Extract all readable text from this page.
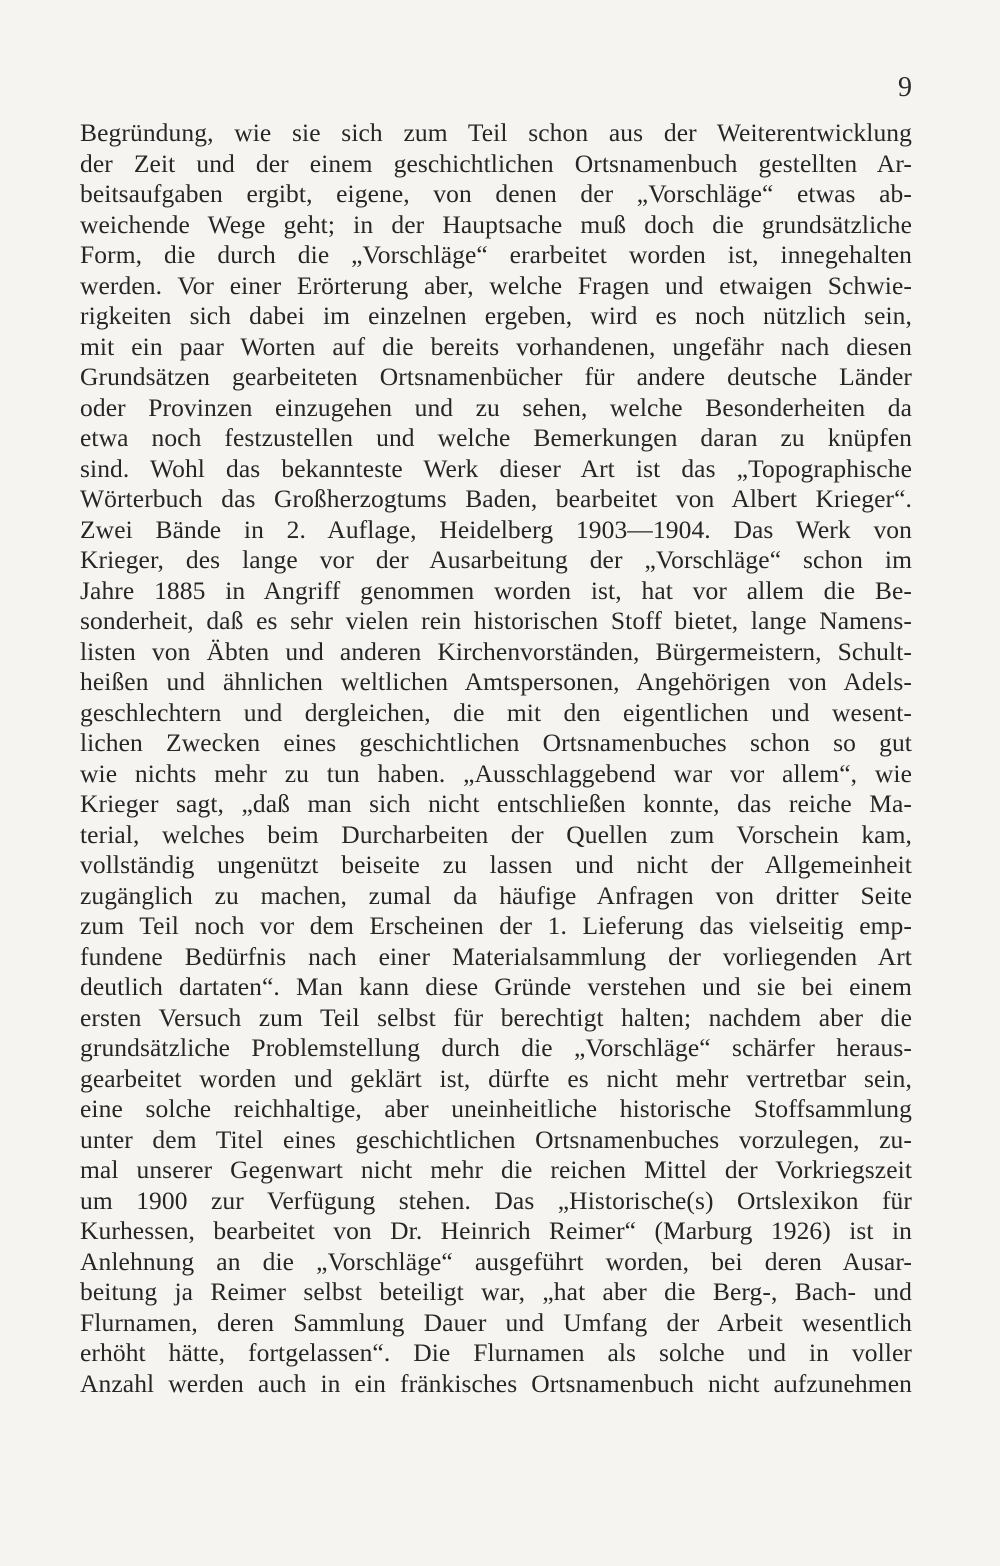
9
Begründung, wie sie sich zum Teil schon aus der Weiterentwicklung
der Zeit und der einem geschichtlichen Ortsnamenbuch gestellten Ar-
beitsaufgaben ergibt, eigene, von denen der „Vorschläge“ etwas ab-
weichende Wege geht; in der Hauptsache muß doch die grundsätzliche
Form, die durch die „Vorschläge“ erarbeitet worden ist, innegehalten
werden. Vor einer Erörterung aber, welche Fragen und etwaigen Schwie-
rigkeiten sich dabei im einzelnen ergeben, wird es noch nützlich sein,
mit ein paar Worten auf die bereits vorhandenen, ungefähr nach diesen
Grundsätzen gearbeiteten Ortsnamenbücher für andere deutsche Länder
oder Provinzen einzugehen und zu sehen, welche Besonderheiten da
etwa noch festzustellen und welche Bemerkungen daran zu knüpfen
sind. Wohl das bekannteste Werk dieser Art ist das „Topographische
Wörterbuch das Großherzogtums Baden, bearbeitet von Albert Krieger“.
Zwei Bände in 2. Auflage, Heidelberg 1903—1904. Das Werk von
Krieger, des lange vor der Ausarbeitung der „Vorschläge“ schon im
Jahre 1885 in Angriff genommen worden ist, hat vor allem die Be-
sonderheit, daß es sehr vielen rein historischen Stoff bietet, lange Namens-
listen von Äbten und anderen Kirchenvorständen, Bürgermeistern, Schult-
heißen und ähnlichen weltlichen Amtspersonen, Angehörigen von Adels-
geschlechtern und dergleichen, die mit den eigentlichen und wesent-
lichen Zwecken eines geschichtlichen Ortsnamenbuches schon so gut
wie nichts mehr zu tun haben. „Ausschlaggebend war vor allem“, wie
Krieger sagt, „daß man sich nicht entschließen konnte, das reiche Ma-
terial, welches beim Durcharbeiten der Quellen zum Vorschein kam,
vollständig ungenützt beiseite zu lassen und nicht der Allgemeinheit
zugänglich zu machen, zumal da häufige Anfragen von dritter Seite
zum Teil noch vor dem Erscheinen der 1. Lieferung das vielseitig emp-
fundene Bedürfnis nach einer Materialsammlung der vorliegenden Art
deutlich dartaten“. Man kann diese Gründe verstehen und sie bei einem
ersten Versuch zum Teil selbst für berechtigt halten; nachdem aber die
grundsätzliche Problemstellung durch die „Vorschläge“ schärfer heraus-
gearbeitet worden und geklärt ist, dürfte es nicht mehr vertretbar sein,
eine solche reichhaltige, aber uneinheitliche historische Stoffsammlung
unter dem Titel eines geschichtlichen Ortsnamenbuches vorzulegen, zu-
mal unserer Gegenwart nicht mehr die reichen Mittel der Vorkriegszeit
um 1900 zur Verfügung stehen. Das „Historische(s) Ortslexikon für
Kurhessen, bearbeitet von Dr. Heinrich Reimer“ (Marburg 1926) ist in
Anlehnung an die „Vorschläge“ ausgeführt worden, bei deren Ausar-
beitung ja Reimer selbst beteiligt war, „hat aber die Berg-, Bach- und
Flurnamen, deren Sammlung Dauer und Umfang der Arbeit wesentlich
erhöht hätte, fortgelassen“. Die Flurnamen als solche und in voller
Anzahl werden auch in ein fränkisches Ortsnamenbuch nicht aufzunehmen
